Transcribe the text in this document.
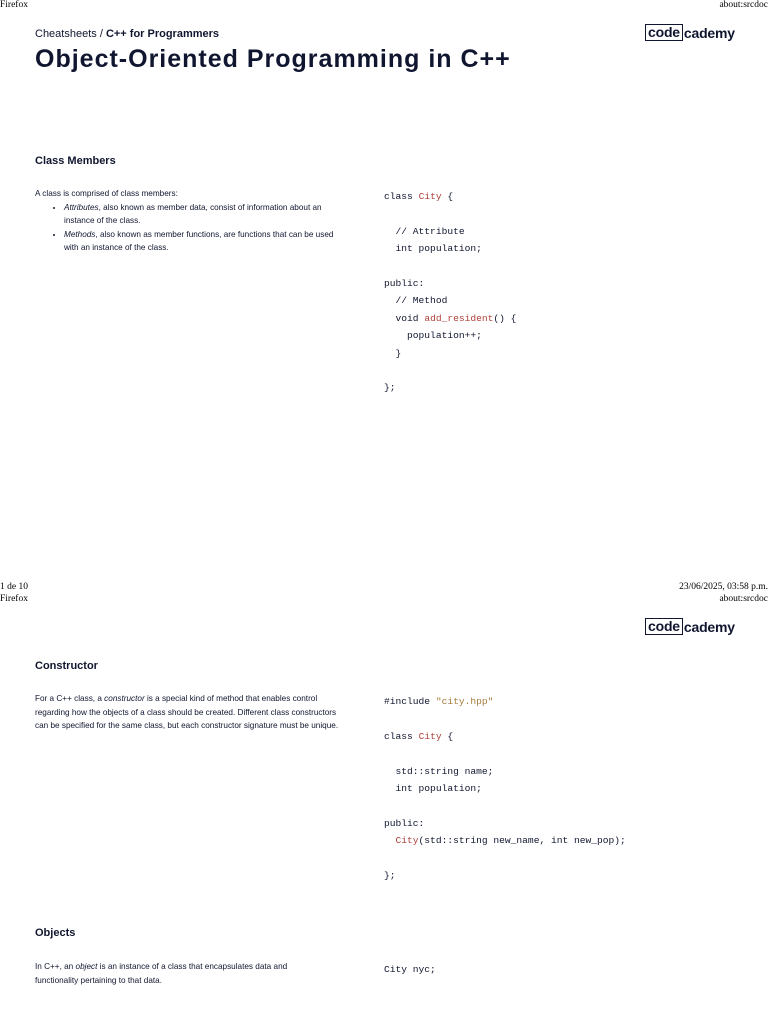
Firefox	about:srcdoc
Cheatsheets / C++ for Programmers	code cademy
Object-Oriented Programming in C++
Class Members
A class is comprised of class members:
• Attributes, also known as member data, consist of information about an instance of the class.
• Methods, also known as member functions, are functions that can be used with an instance of the class.
class City {
// Attribute
int population;
public:
// Method
void add_resident() {
population++;
}
};
1 de 10	23/06/2025, 03:58 p.m.
Firefox	about:srcdoc
code cademy
Constructor
For a C++ class, a constructor is a special kind of method that enables control regarding how the objects of a class should be created. Different class constructors can be specified for the same class, but each constructor signature must be unique.
#include "city.hpp"
class City {
std::string name;
int population;
public:
City(std::string new_name, int new_pop);
};
Objects
In C++, an object is an instance of a class that encapsulates data and functionality pertaining to that data.
City nyc;
